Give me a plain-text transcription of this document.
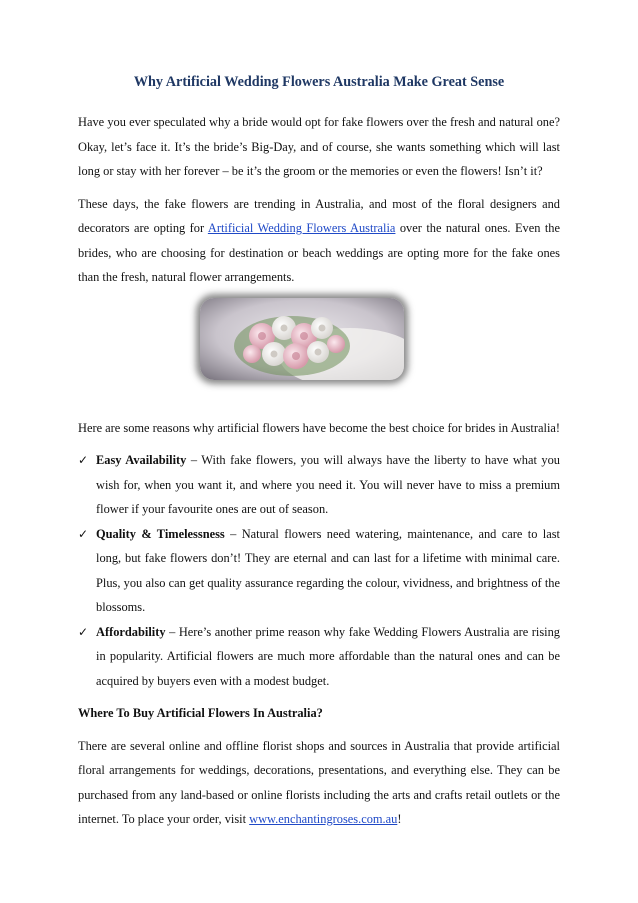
Why Artificial Wedding Flowers Australia Make Great Sense

Have you ever speculated why a bride would opt for fake flowers over the fresh and natural one? Okay, let’s face it. It’s the bride’s Big-Day, and of course, she wants something which will last long or stay with her forever – be it’s the groom or the memories or even the flowers! Isn’t it?

These days, the fake flowers are trending in Australia, and most of the floral designers and decorators are opting for Artificial Wedding Flowers Australia over the natural ones. Even the brides, who are choosing for destination or beach weddings are opting more for the fake ones than the fresh, natural flower arrangements.

Here are some reasons why artificial flowers have become the best choice for brides in Australia!

✓ Easy Availability – With fake flowers, you will always have the liberty to have what you wish for, when you want it, and where you need it. You will never have to miss a premium flower if your favourite ones are out of season.
✓ Quality & Timelessness – Natural flowers need watering, maintenance, and care to last long, but fake flowers don’t! They are eternal and can last for a lifetime with minimal care. Plus, you also can get quality assurance regarding the colour, vividness, and brightness of the blossoms.
✓ Affordability – Here’s another prime reason why fake Wedding Flowers Australia are rising in popularity. Artificial flowers are much more affordable than the natural ones and can be acquired by buyers even with a modest budget.

Where To Buy Artificial Flowers In Australia?

There are several online and offline florist shops and sources in Australia that provide artificial floral arrangements for weddings, decorations, presentations, and everything else. They can be purchased from any land-based or online florists including the arts and crafts retail outlets or the internet. To place your order, visit www.enchantingroses.com.au!
